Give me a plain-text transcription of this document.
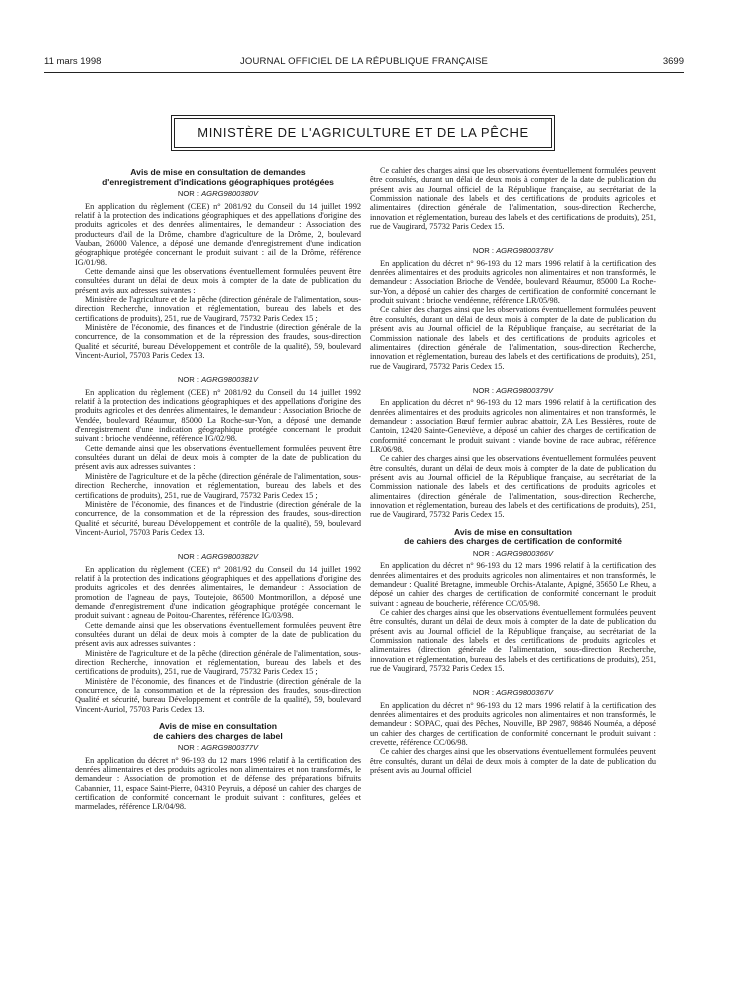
11 mars 1998	JOURNAL OFFICIEL DE LA RÉPUBLIQUE FRANÇAISE	3699
MINISTÈRE DE L'AGRICULTURE ET DE LA PÊCHE

Avis de mise en consultation de demandes

d'enregistrement d'indications géographiques protégées

NOR : AGRG9800380V

En application du règlement (CEE) n° 2081/92 du Conseil du 14 juillet 1992 relatif à la protection des indications géographiques et des appellations d'origine des produits agricoles et des denrées alimentaires, le demandeur : Association des producteurs d'ail de la Drôme, chambre d'agriculture de la Drôme, 2, boulevard Vauban, 26000 Valence, a déposé une demande d'enregistrement d'une indication géographique protégée concernant le produit suivant : ail de la Drôme, référence IG/01/98.

Cette demande ainsi que les observations éventuellement formulées peuvent être consultées durant un délai de deux mois à compter de la date de publication du présent avis aux adresses suivantes :

Ministère de l'agriculture et de la pêche (direction générale de l'alimentation, sous-direction Recherche, innovation et réglementation, bureau des labels et des certifications de produits), 251, rue de Vaugirard, 75732 Paris Cedex 15 ;

Ministère de l'économie, des finances et de l'industrie (direction générale de la concurrence, de la consommation et de la répression des fraudes, sous-direction Qualité et sécurité, bureau Développement et contrôle de la qualité), 59, boulevard Vincent-Auriol, 75703 Paris Cedex 13.

NOR : AGRG9800381V

En application du règlement (CEE) n° 2081/92 du Conseil du 14 juillet 1992 relatif à la protection des indications géographiques et des appellations d'origine des produits agricoles et des denrées alimentaires, le demandeur : Association Brioche de Vendée, boulevard Réaumur, 85000 La Roche-sur-Yon, a déposé une demande d'enregistrement d'une indication géographique protégée concernant le produit suivant : brioche vendéenne, référence IG/02/98.

Cette demande ainsi que les observations éventuellement formulées peuvent être consultées durant un délai de deux mois à compter de la date de publication du présent avis aux adresses suivantes :

Ministère de l'agriculture et de la pêche (direction générale de l'alimentation, sous-direction Recherche, innovation et réglementation, bureau des labels et des certifications de produits), 251, rue de Vaugirard, 75732 Paris Cedex 15 ;

Ministère de l'économie, des finances et de l'industrie (direction générale de la concurrence, de la consommation et de la répression des fraudes, sous-direction Qualité et sécurité, bureau Développement et contrôle de la qualité), 59, boulevard Vincent-Auriol, 75703 Paris Cedex 13.

NOR : AGRG9800382V

En application du règlement (CEE) n° 2081/92 du Conseil du 14 juillet 1992 relatif à la protection des indications géographiques et des appellations d'origine des produits agricoles et des denrées alimentaires, le demandeur : Association de promotion de l'agneau de pays, Toutejoie, 86500 Montmorillon, a déposé une demande d'enregistrement d'une indication géographique protégée concernant le produit suivant : agneau de Poitou-Charentes, référence IG/03/98.

Cette demande ainsi que les observations éventuellement formulées peuvent être consultées durant un délai de deux mois à compter de la date de publication du présent avis aux adresses suivantes :

Ministère de l'agriculture et de la pêche (direction générale de l'alimentation, sous-direction Recherche, innovation et réglementation, bureau des labels et des certifications de produits), 251, rue de Vaugirard, 75732 Paris Cedex 15 ;

Ministère de l'économie, des finances et de l'industrie (direction générale de la concurrence, de la consommation et de la répression des fraudes, sous-direction Qualité et sécurité, bureau Développement et contrôle de la qualité), 59, boulevard Vincent-Auriol, 75703 Paris Cedex 13.

Avis de mise en consultation

de cahiers des charges de label

NOR : AGRG9800377V

En application du décret n° 96-193 du 12 mars 1996 relatif à la certification des denrées alimentaires et des produits agricoles non alimentaires et non transformés, le demandeur : Association de promotion et de défense des préparations bifruits Cabannier, 11, espace Saint-Pierre, 04310 Peyruis, a déposé un cahier des charges de certification de conformité concernant le produit suivant : confitures, gelées et marmelades, référence LR/04/98.

Ce cahier des charges ainsi que les observations éventuellement formulées peuvent être consultés, durant un délai de deux mois à compter de la date de publication du présent avis au Journal officiel de la République française, au secrétariat de la Commission nationale des labels et des certifications de produits agricoles et alimentaires (direction générale de l'alimentation, sous-direction Recherche, innovation et réglementation, bureau des labels et des certifications de produits), 251, rue de Vaugirard, 75732 Paris Cedex 15.

NOR : AGRG9800378V

En application du décret n° 96-193 du 12 mars 1996 relatif à la certification des denrées alimentaires et des produits agricoles non alimentaires et non transformés, le demandeur : Association Brioche de Vendée, boulevard Réaumur, 85000 La Roche-sur-Yon, a déposé un cahier des charges de certification de conformité concernant le produit suivant : brioche vendéenne, référence LR/05/98.

Ce cahier des charges ainsi que les observations éventuellement formulées peuvent être consultés, durant un délai de deux mois à compter de la date de publication du présent avis au Journal officiel de la République française, au secrétariat de la Commission nationale des labels et des certifications de produits agricoles et alimentaires (direction générale de l'alimentation, sous-direction Recherche, innovation et réglementation, bureau des labels et des certifications de produits), 251, rue de Vaugirard, 75732 Paris Cedex 15.

NOR : AGRG9800379V

En application du décret n° 96-193 du 12 mars 1996 relatif à la certification des denrées alimentaires et des produits agricoles non alimentaires et non transformés, le demandeur : association Bœuf fermier aubrac abattoir, ZA Les Bessières, route de Cantoin, 12420 Sainte-Geneviève, a déposé un cahier des charges de certification de conformité concernant le produit suivant : viande bovine de race aubrac, référence LR/06/98.

Ce cahier des charges ainsi que les observations éventuellement formulées peuvent être consultés, durant un délai de deux mois à compter de la date de publication du présent avis au Journal officiel de la République française, au secrétariat de la Commission nationale des labels et des certifications de produits agricoles et alimentaires (direction générale de l'alimentation, sous-direction Recherche, innovation et réglementation, bureau des labels et des certifications de produits), 251, rue de Vaugirard, 75732 Paris Cedex 15.

Avis de mise en consultation

de cahiers des charges de certification de conformité

NOR : AGRG9800366V

En application du décret n° 96-193 du 12 mars 1996 relatif à la certification des denrées alimentaires et des produits agricoles non alimentaires et non transformés, le demandeur : Qualité Bretagne, immeuble Orchis-Atalante, Apigné, 35650 Le Rheu, a déposé un cahier des charges de certification de conformité concernant le produit suivant : agneau de boucherie, référence CC/05/98.

Ce cahier des charges ainsi que les observations éventuellement formulées peuvent être consultés, durant un délai de deux mois à compter de la date de publication du présent avis au Journal officiel de la République française, au secrétariat de la Commission nationale des labels et des certifications de produits agricoles et alimentaires (direction générale de l'alimentation, sous-direction Recherche, innovation et réglementation, bureau des labels et des certifications de produits), 251, rue de Vaugirard, 75732 Paris Cedex 15.

NOR : AGRG9800367V

En application du décret n° 96-193 du 12 mars 1996 relatif à la certification des denrées alimentaires et des produits agricoles non alimentaires et non transformés, le demandeur : SOPAC, quai des Pêches, Nouville, BP 2987, 98846 Nouméa, a déposé un cahier des charges de certification de conformité concernant le produit suivant : crevette, référence CC/06/98.

Ce cahier des charges ainsi que les observations éventuellement formulées peuvent être consultés, durant un délai de deux mois à compter de la date de publication du présent avis au Journal officiel
